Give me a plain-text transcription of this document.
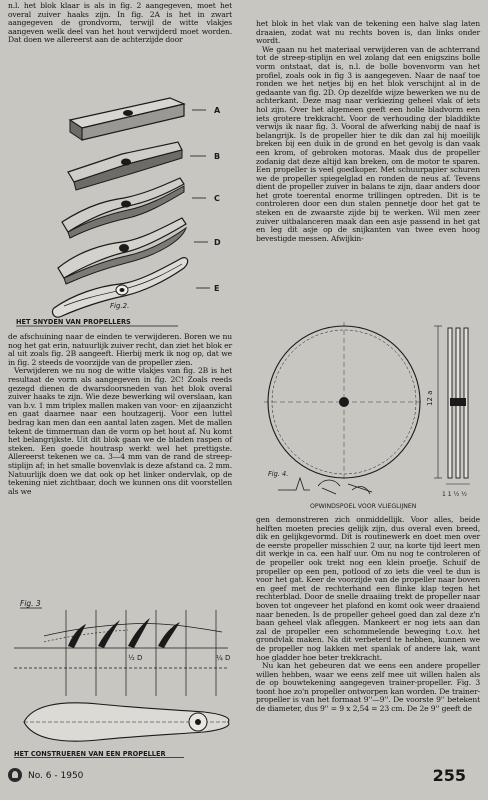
n.l. het blok klaar is als in fig. 2 aangegeven, moet het overal zuiver haaks zijn. In fig. 2A is het in zwart aangegeven de grondvorm, terwijl de witte vlakjes aangeven welk deel van het hout verwijderd moet worden. Dat doen we allereerst aan de achterzijde door

A
B
C
D
E
Fig.2.
HET SNYDEN VAN PROPELLERS

de afschuining naar de einden te verwijderen. Boren we nu nog het gat erin, natuurlijk zuiver recht, dan ziet het blok er al uit zoals fig. 2B aangeeft. Hierbij merk ik nog op, dat we in fig. 2 steeds de voorzijde van de propeller zien.

Verwijderen we nu nog de witte vlakjes van fig. 2B is het resultaat de vorm als aangegeven in fig. 2C! Zoals reeds gezegd dienen de dwarsdoorsneden van het blok overal zuiver haaks te zijn. Wie deze bewerking wil overslaan, kan van b.v. 1 mm triplex mallen maken van voor- en zijaanzicht en gaat daarnee naar een houtzagerij. Voor een luttel bedrag kan men dan een aantal laten zagen. Met de mallen tekent de timmerman dan de vorm op het hout af. Nu komt het belangrijkste. Uit dit blok gaan we de bladen raspen of steken. Een goede houtrasp werkt wel het prettigste. Allereerst tekenen we ca. 3—4 mm van de rand de streep-stiplijn af; in het smalle bovenvlak is deze afstand ca. 2 mm. Natuurlijk doen we dat ook op het linker ondervlak, op de tekening niet zichtbaar, doch we kunnen ons dit voorstellen als we

Fig. 3
½ D	¼ D
HET CONSTRUEREN VAN EEN PROPELLER

het blok in het vlak van de tekening een halve slag laten draaien, zodat wat nu rechts boven is, dan links onder wordt.

We gaan nu het materiaal verwijderen van de achterrand tot de streep-stiplijn en wel zolang dat een enigszins bolle vorm ontstaat, dat is, n.l. de bolle bovenvorm van het profiel, zoals ook in fig 3 is aangegeven. Naar de naaf toe ronden we het netjes bij en het blok verschijnt al in de gedaante van fig. 2D. Op dezelfde wijze bewerken we nu de achterkant. Deze mag naar verkiezing geheel vlak of iets hol zijn. Over het algemeen geeft een holle bladvorm een iets grotere trekkracht. Voor de verhouding der bladdikte verwijs ik naar fig. 3. Vooral de afwerking nabij de naaf is belangrijk. Is de propeller hier te dik dan zal hij moeilijk breken bij een duik in de grond en het gevolg is dan vaak een krom, of gebroken motoras. Maak dus de propeller zodanig dat deze altijd kan breken, om de motor te sparen. Een propeller is veel goedkoper. Met schuurpapier schuren we de propeller spiegelglad en ronden de neus af. Tevens dient de propeller zuiver in balans te zijn, daar anders door het grote toerental enorme trillingen optreden. Dit is te controleren door een dun stalen pennetje door het gat te steken en de zwaarste zijde bij te werken. Wil men zeer zuiver uitbalanceren maak dan een asje passend in het gat en leg dit asje op de snijkanten van twee even hoog bevestigde messen. Afwijkin-

12 a
1 1 ½ ½
Fig. 4.
OPWINDSPOEL VOOR VLIEGLIJNEN

gen demonstreren zich onmiddellijk. Voor alles, beide helften moeten precies gelijk zijn, dus overal even breed, dik en gelijkgevormd. Dit is routinewerk en doet men over de eerste propeller misschien 2 uur, na korte tijd leert men dit werkje in ca. een half uur. Om nu nog te controleren of de propeller ook trekt nog een klein proefje. Schuif de propeller op een pen, potlood of zo iets die veel te dun is voor het gat. Keer de voorzijde van de propeller naar boven en geef met de rechterhand een flinke klap tegen het rechterblad. Door de snelle draaiing trekt de propeller naar boven tot ongeveer het plafond en komt ook weer draaiend naar beneden. Is de propeller geheel goed dan zal deze z'n baan geheel vlak afleggen. Mankeert er nog iets aan dan zal de propeller een schommelende beweging t.o.v. het grondvlak maken. Na dit verbeterd te hebben, kunnen we de propeller nog lakken met spanlak of andere lak, want hoe gladder hoe beter trekkracht.

Nu kan het gebeuren dat we eens een andere propeller willen hebben, waar we eens zelf mee uit willen halen als de op bouwtekening aangegeven trainer-propeller. Fig. 3 toont hoe zo'n propeller ontworpen kan worden. De trainer-propeller is van het formaat 9''—9''. De voorste 9'' betekent de diameter, dus 9'' = 9 x 2,54 = 23 cm. De 2e 9'' geeft de

No. 6 - 1950	255
